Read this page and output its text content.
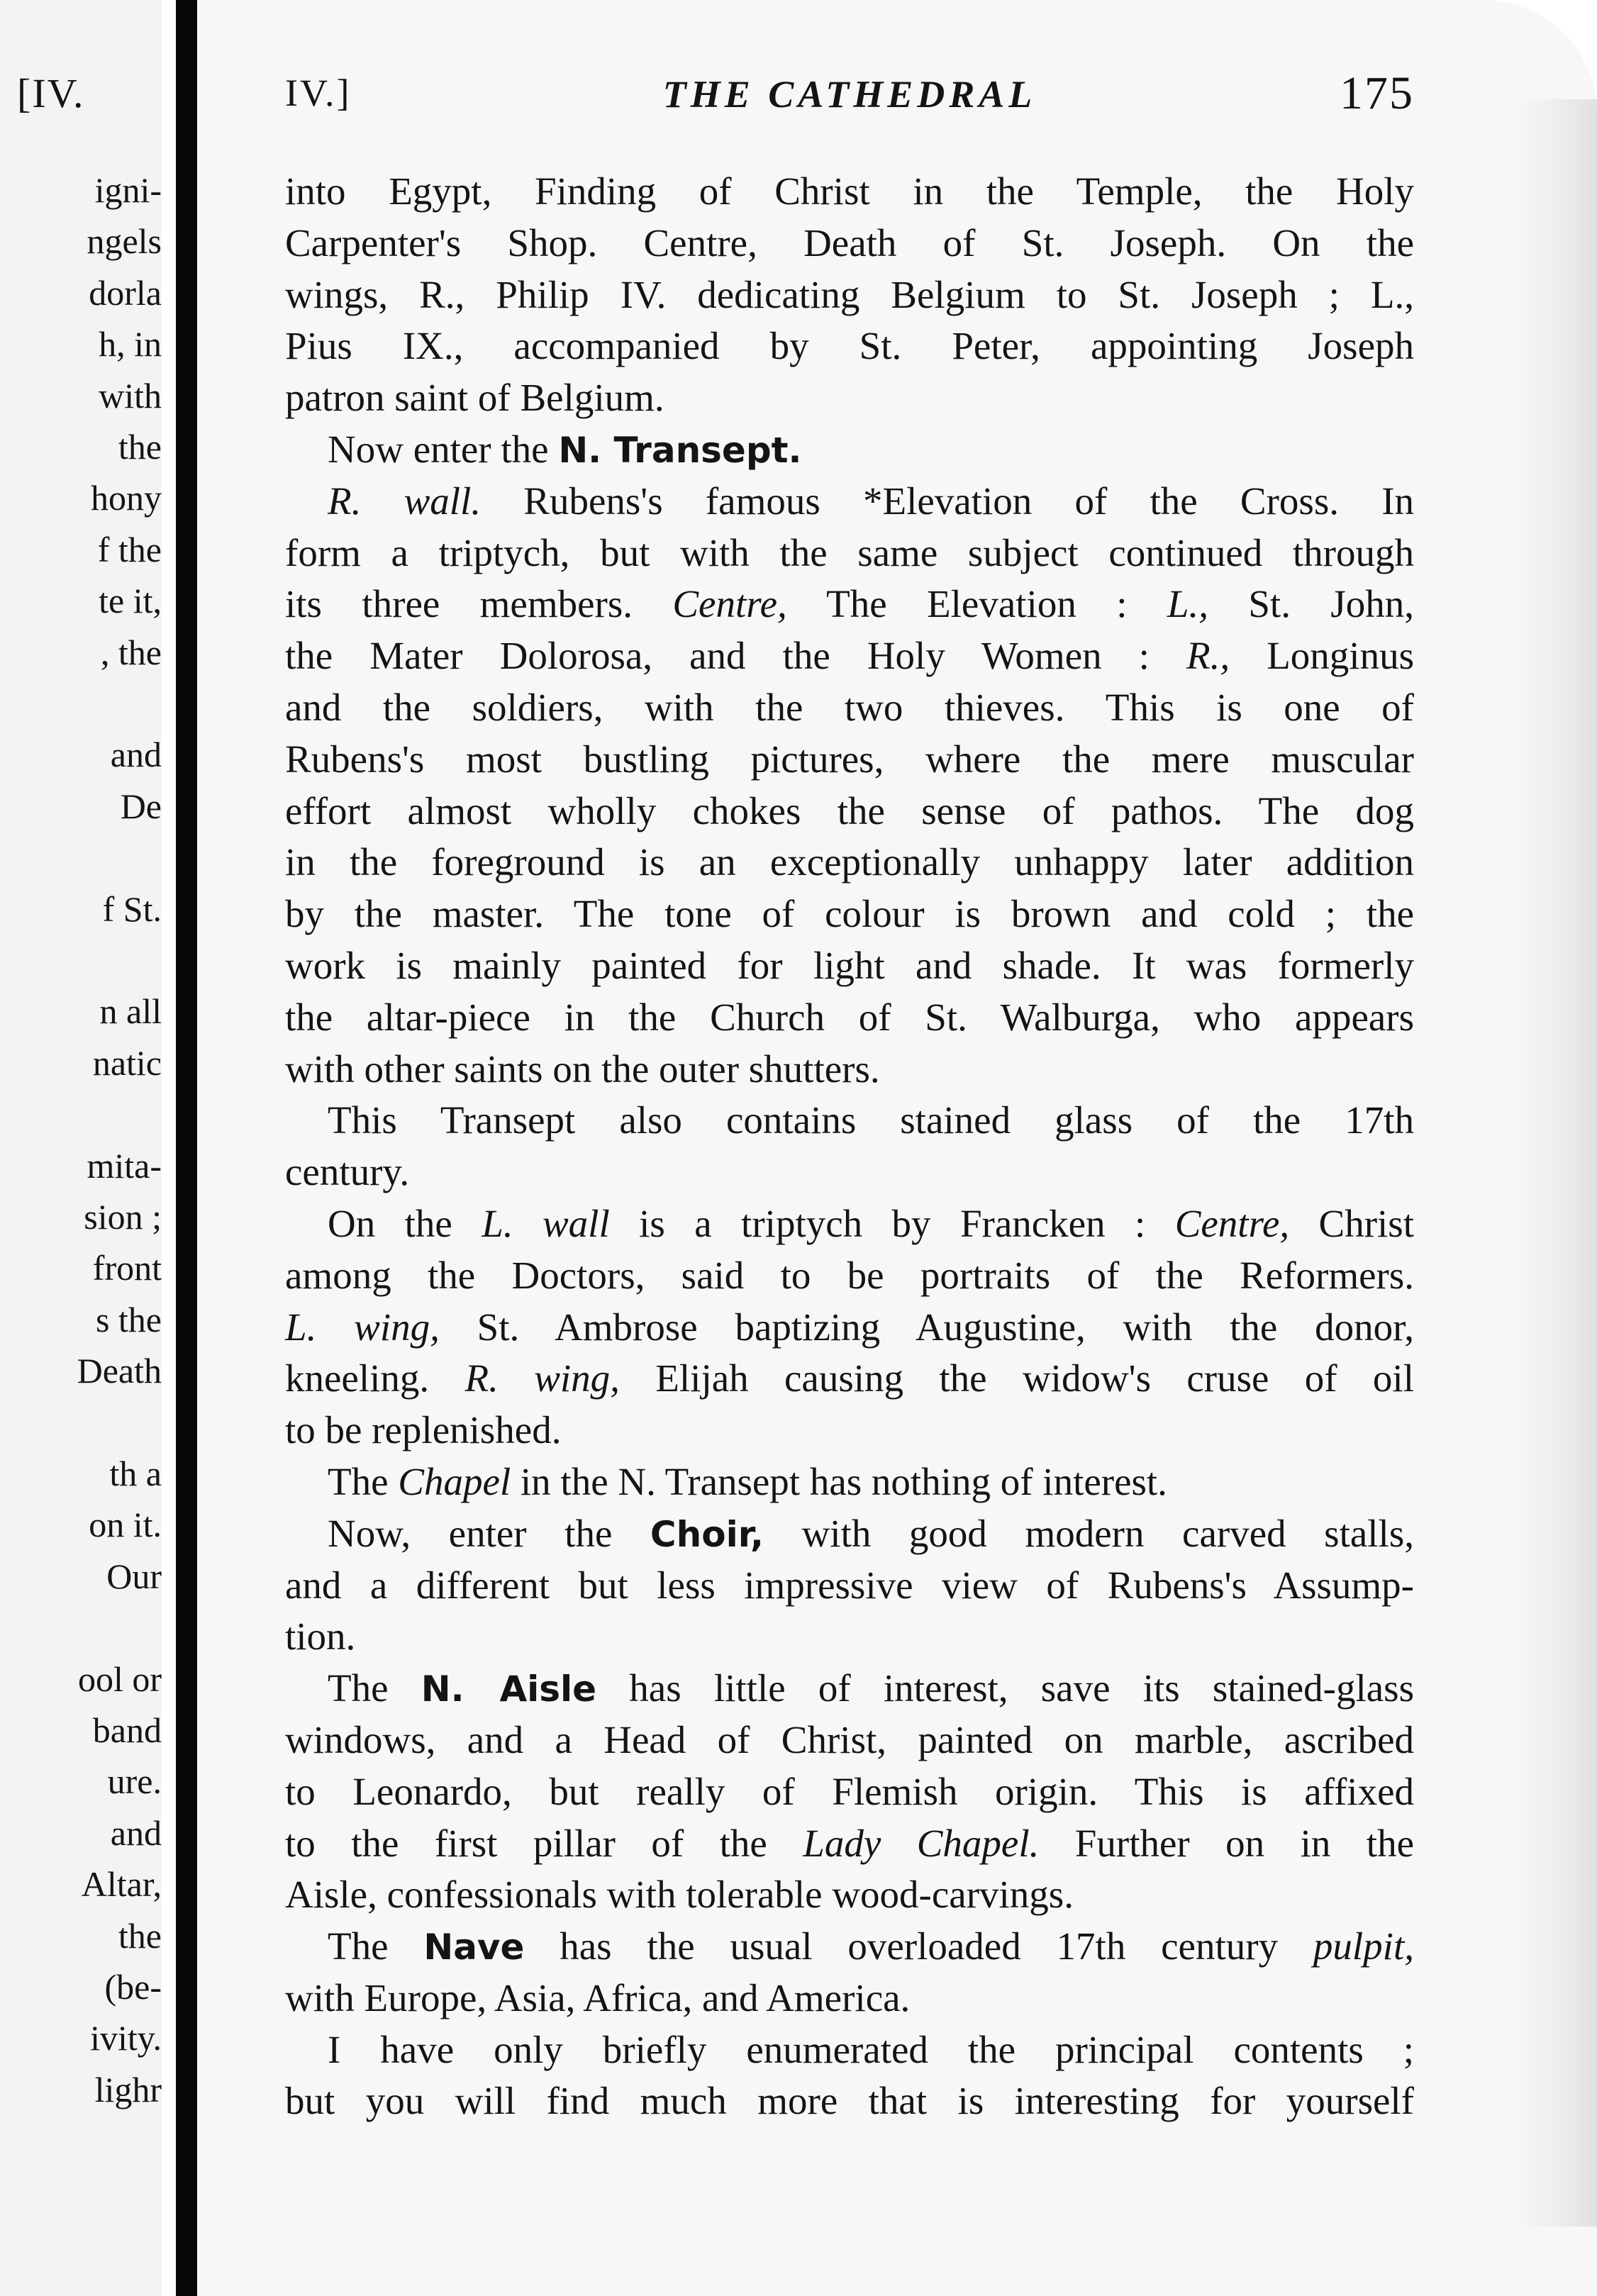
[IV.
igni-
ngels
dorla
h, in
with
the
hony
f the
te it,
, the
and
De
f St.
n all
natic
mita-
sion ;
front
s the
Death
th a
on it.
Our
ool or
band
ure.
and
Altar,
the
(be-
ivity.
lighr
IV.]	THE CATHEDRAL	175
into Egypt, Finding of Christ in the Temple, the Holy
Carpenter's Shop. Centre, Death of St. Joseph. On the
wings, R., Philip IV. dedicating Belgium to St. Joseph ; L.,
Pius IX., accompanied by St. Peter, appointing Joseph
patron saint of Belgium.
Now enter the N. Transept.
R. wall. Rubens's famous *Elevation of the Cross. In
form a triptych, but with the same subject continued through
its three members. Centre, The Elevation : L., St. John,
the Mater Dolorosa, and the Holy Women : R., Longinus
and the soldiers, with the two thieves. This is one of
Rubens's most bustling pictures, where the mere muscular
effort almost wholly chokes the sense of pathos. The dog
in the foreground is an exceptionally unhappy later addition
by the master. The tone of colour is brown and cold ; the
work is mainly painted for light and shade. It was formerly
the altar-piece in the Church of St. Walburga, who appears
with other saints on the outer shutters.
This Transept also contains stained glass of the 17th
century.
On the L. wall is a triptych by Francken : Centre, Christ
among the Doctors, said to be portraits of the Reformers.
L. wing, St. Ambrose baptizing Augustine, with the donor,
kneeling. R. wing, Elijah causing the widow's cruse of oil
to be replenished.
The Chapel in the N. Transept has nothing of interest.
Now, enter the Choir, with good modern carved stalls,
and a different but less impressive view of Rubens's Assump-
tion.
The N. Aisle has little of interest, save its stained-glass
windows, and a Head of Christ, painted on marble, ascribed
to Leonardo, but really of Flemish origin. This is affixed
to the first pillar of the Lady Chapel. Further on in the
Aisle, confessionals with tolerable wood-carvings.
The Nave has the usual overloaded 17th century pulpit,
with Europe, Asia, Africa, and America.
I have only briefly enumerated the principal contents ;
but you will find much more that is interesting for yourself
